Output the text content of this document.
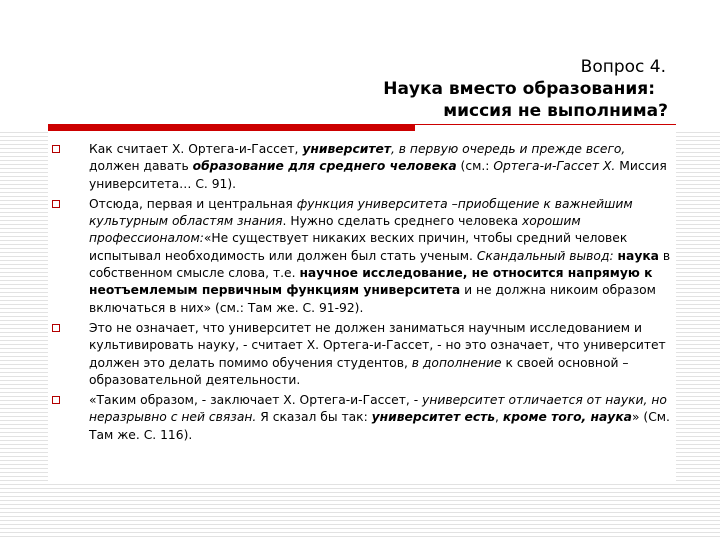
Вопрос 4.
Наука вместо образования:
миссия не выполнима?
Как считает Х. Ортега-и-Гассет, университет, в первую очередь и прежде всего, должен давать образование для среднего человека (см.: Ортега-и-Гассет Х. Миссия университета… С. 91).
Отсюда, первая и центральная функция университета –приобщение к важнейшим культурным областям знания. Нужно сделать среднего человека хорошим профессионалом:«Не существует никаких веских причин, чтобы средний человек испытывал необходимость или должен был стать ученым. Скандальный вывод: наука в собственном смысле слова, т.е. научное исследование, не относится напрямую к неотъемлемым первичным функциям университета и не должна никоим образом включаться в них» (см.: Там же. С. 91-92).
Это не означает, что университет не должен заниматься научным исследованием и культивировать науку, - считает Х. Ортега-и-Гассет, - но это означает, что университет должен это делать помимо обучения студентов, в дополнение к своей основной – образовательной деятельности.
«Таким образом, - заключает Х. Ортега-и-Гассет, - университет отличается от науки, но неразрывно с ней связан. Я сказал бы так: университет есть, кроме того, наука» (См. Там же. С. 116).
